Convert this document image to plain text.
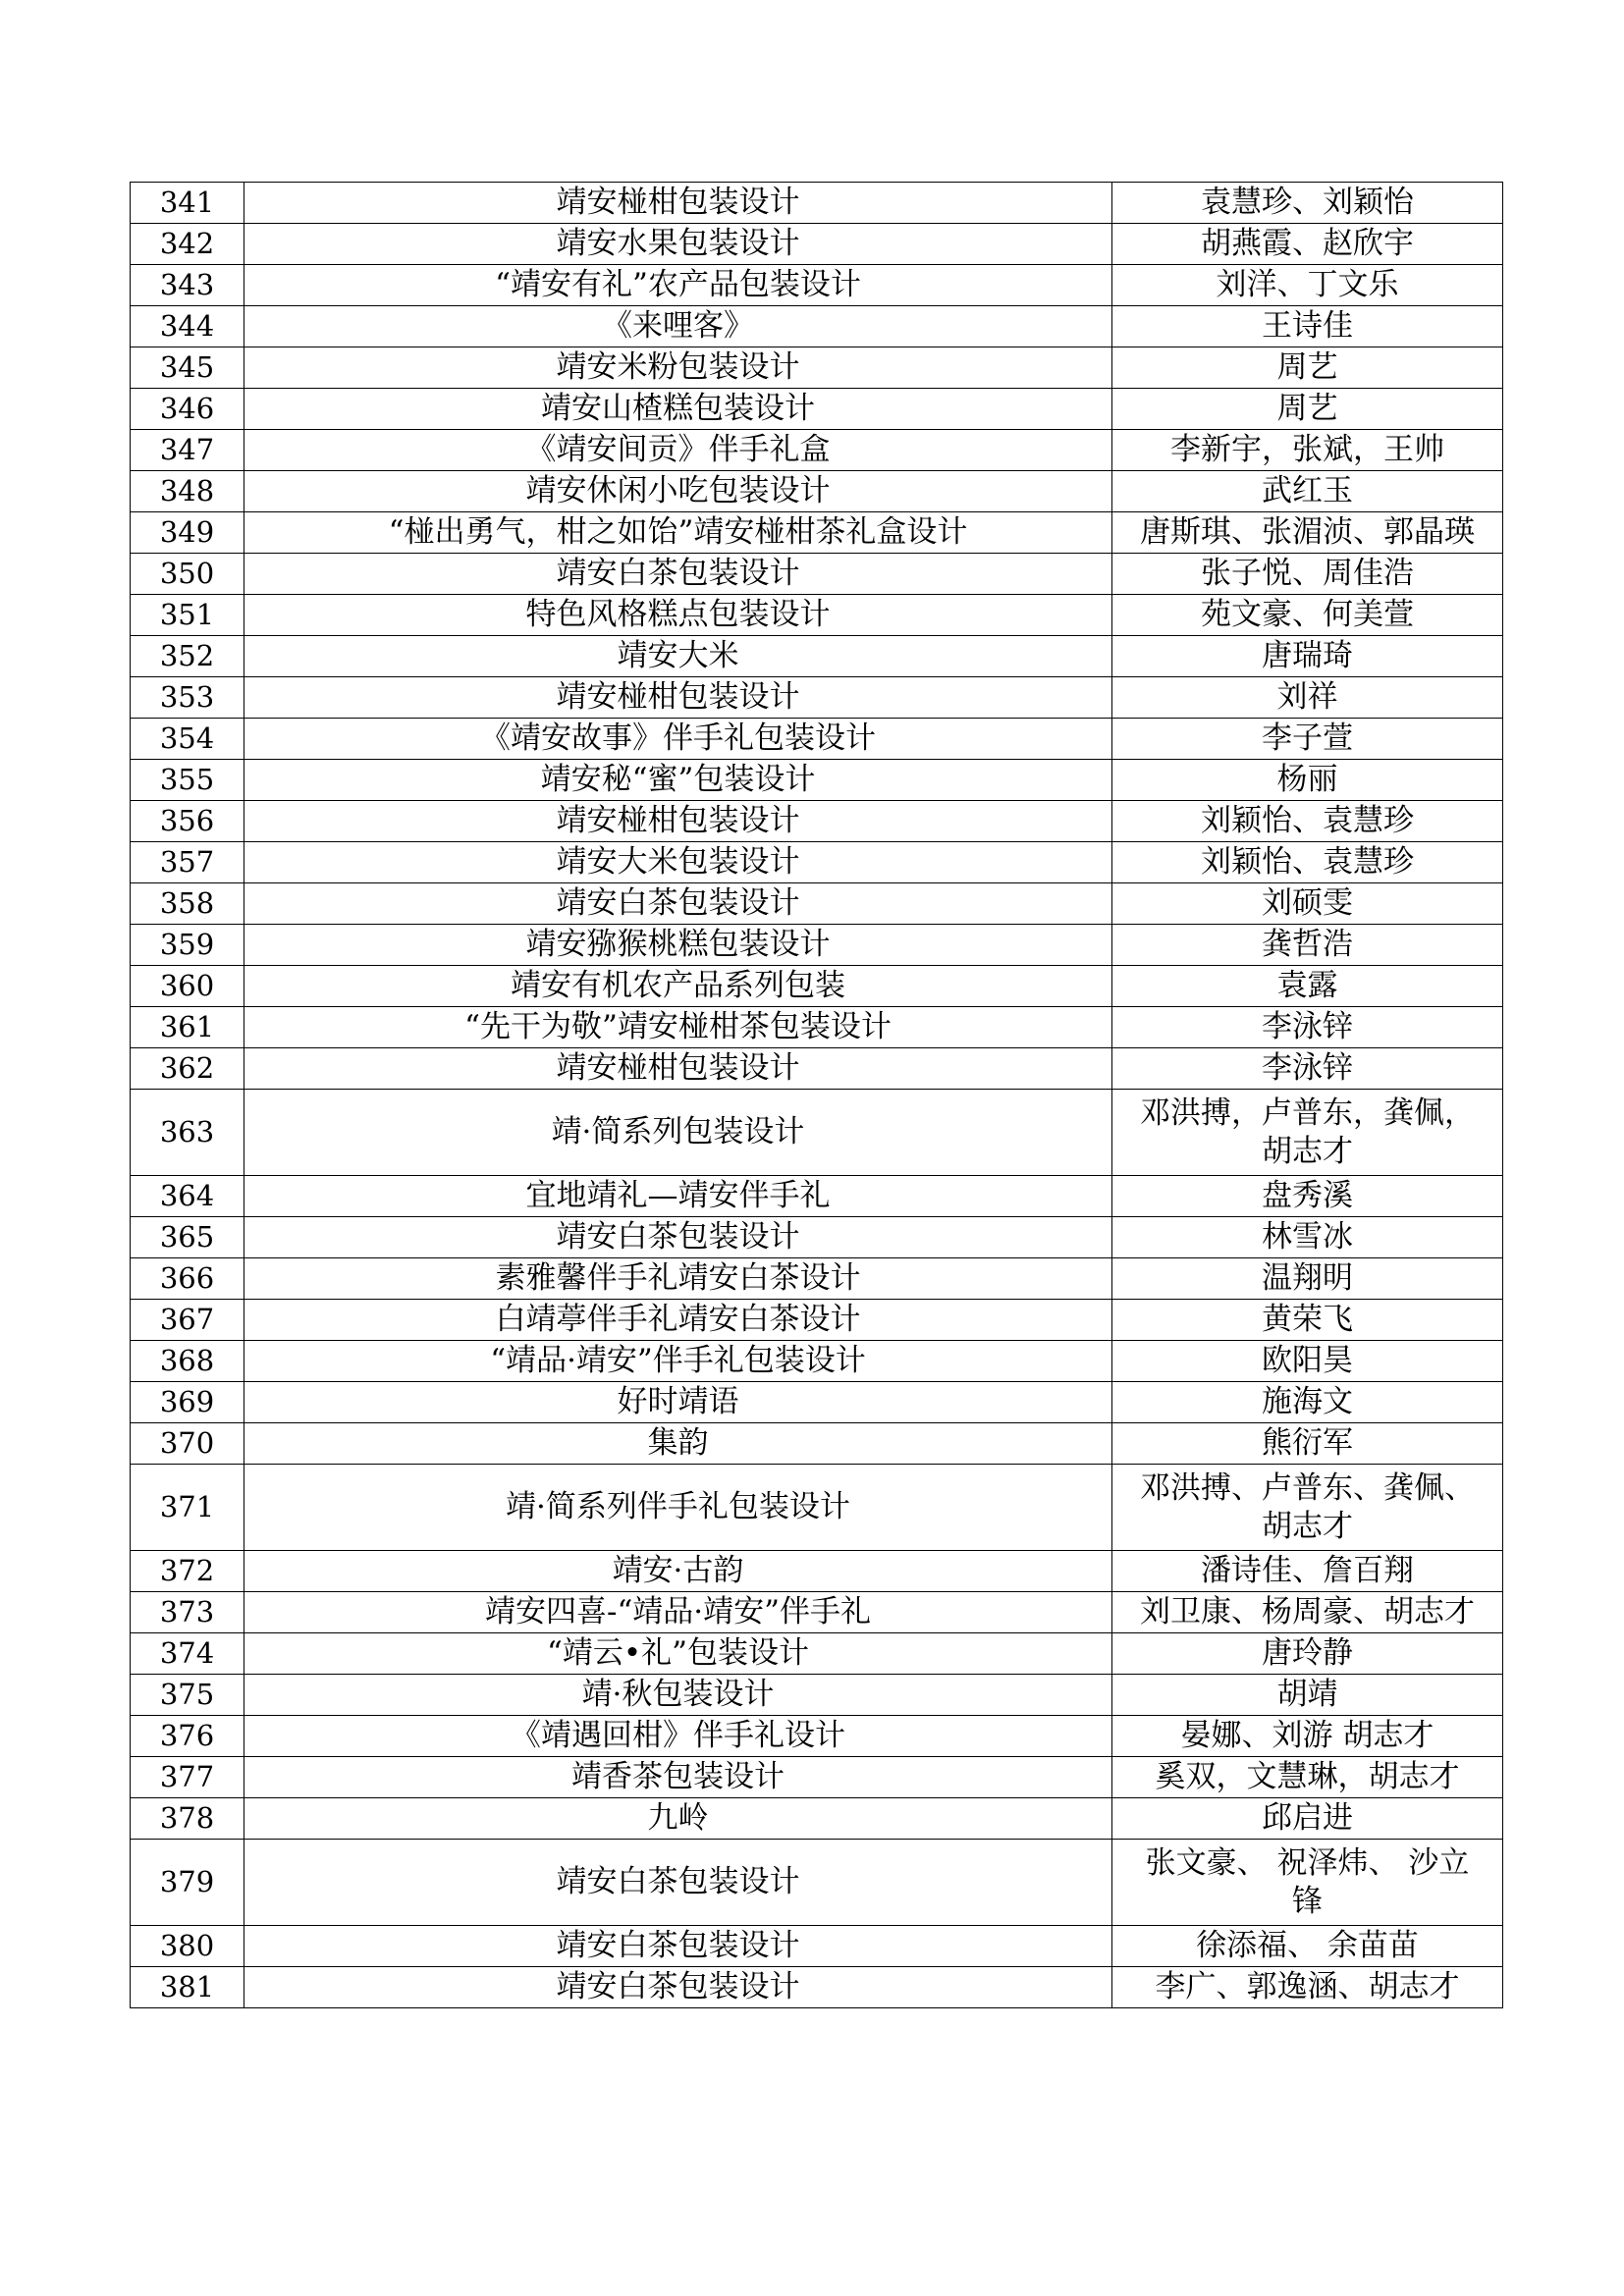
341	靖安椪柑包装设计	袁慧珍、刘颖怡
342	靖安水果包装设计	胡燕霞、赵欣宇
343	“靖安有礼”农产品包装设计	刘洋、丁文乐
344	《来哩客》	王诗佳
345	靖安米粉包装设计	周艺
346	靖安山楂糕包装设计	周艺
347	《靖安间贡》伴手礼盒	李新宇，张斌，王帅
348	靖安休闲小吃包装设计	武红玉
349	“椪出勇气，柑之如饴”靖安椪柑茶礼盒设计	唐斯琪、张湄浈、郭晶瑛
350	靖安白茶包装设计	张子悦、周佳浩
351	特色风格糕点包装设计	苑文豪、何美萱
352	靖安大米	唐瑞琦
353	靖安椪柑包装设计	刘祥
354	《靖安故事》伴手礼包装设计	李子萱
355	靖安秘“蜜”包装设计	杨丽
356	靖安椪柑包装设计	刘颖怡、袁慧珍
357	靖安大米包装设计	刘颖怡、袁慧珍
358	靖安白茶包装设计	刘硕雯
359	靖安猕猴桃糕包装设计	龚哲浩
360	靖安有机农产品系列包装	袁露
361	“先干为敬”靖安椪柑茶包装设计	李泳锌
362	靖安椪柑包装设计	李泳锌
363	靖·简系列包装设计	邓洪搏，卢普东，龚佩，
胡志才
364	宜地靖礼—靖安伴手礼	盘秀溪
365	靖安白茶包装设计	林雪冰
366	素雅馨伴手礼靖安白茶设计	温翔明
367	白靖葶伴手礼靖安白茶设计	黄荣飞
368	“靖品·靖安”伴手礼包装设计	欧阳昊
369	好时靖语	施海文
370	集韵	熊衍军
371	靖·简系列伴手礼包装设计	邓洪搏、卢普东、龚佩、
胡志才
372	靖安·古韵	潘诗佳、詹百翔
373	靖安四喜-“靖品·靖安”伴手礼	刘卫康、杨周豪、胡志才
374	“靖云•礼”包装设计	唐玲静
375	靖·秋包装设计	胡靖
376	《靖遇回柑》伴手礼设计	晏娜、刘游 胡志才
377	靖香茶包装设计	奚双，文慧琳，胡志才
378	九岭	邱启进
379	靖安白茶包装设计	张文豪、 祝泽炜、 沙立
锋
380	靖安白茶包装设计	徐添福、 余苗苗
381	靖安白茶包装设计	李广、郭逸涵、胡志才
